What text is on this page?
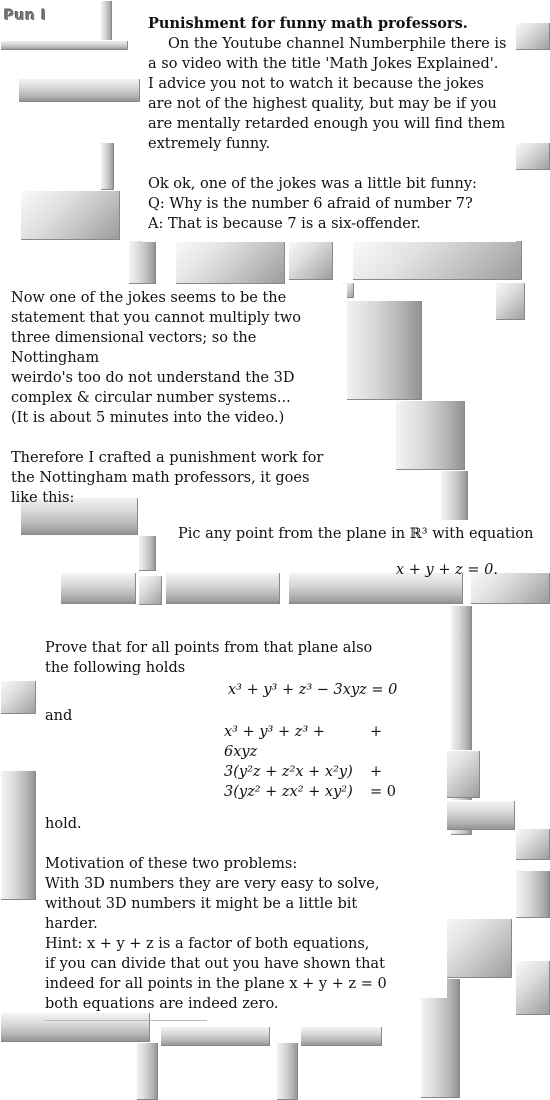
Pun I	Punishment for funny math professors.
On the Youtube channel Numberphile there is
a so video with the title 'Math Jokes Explained'.
I advice you not to watch it because the jokes
are not of the highest quality, but may be if you
are mentally retarded enough you will find them
extremely funny.
Ok ok, one of the jokes was a little bit funny:
Q: Why is the number 6 afraid of number 7?
A: That is because 7 is a six-offender.
Now one of the jokes seems to be the
statement that you cannot multiply two
three dimensional vectors; so the Nottingham
weirdo's too do not understand the 3D
complex & circular number systems...
(It is about 5 minutes into the video.)
Therefore I crafted a punishment work for
the Nottingham math professors, it goes
like this:
Pic any point from the plane in ℝ³ with equation
x + y + z = 0.
Prove that for all points from that plane also
the following holds
x³ + y³ + z³ − 3xyz = 0
and
x³ + y³ + z³ + 6xyz
+
3(y²z + z²x + x²y) +
3(yz² + zx² + xy²) = 0
hold.
Motivation of these two problems:
With 3D numbers they are very easy to solve,
without 3D numbers it might be a little bit
harder.
Hint: x + y + z is a factor of both equations,
if you can divide that out you have shown that
indeed for all points in the plane x + y + z = 0
both equations are indeed zero.
